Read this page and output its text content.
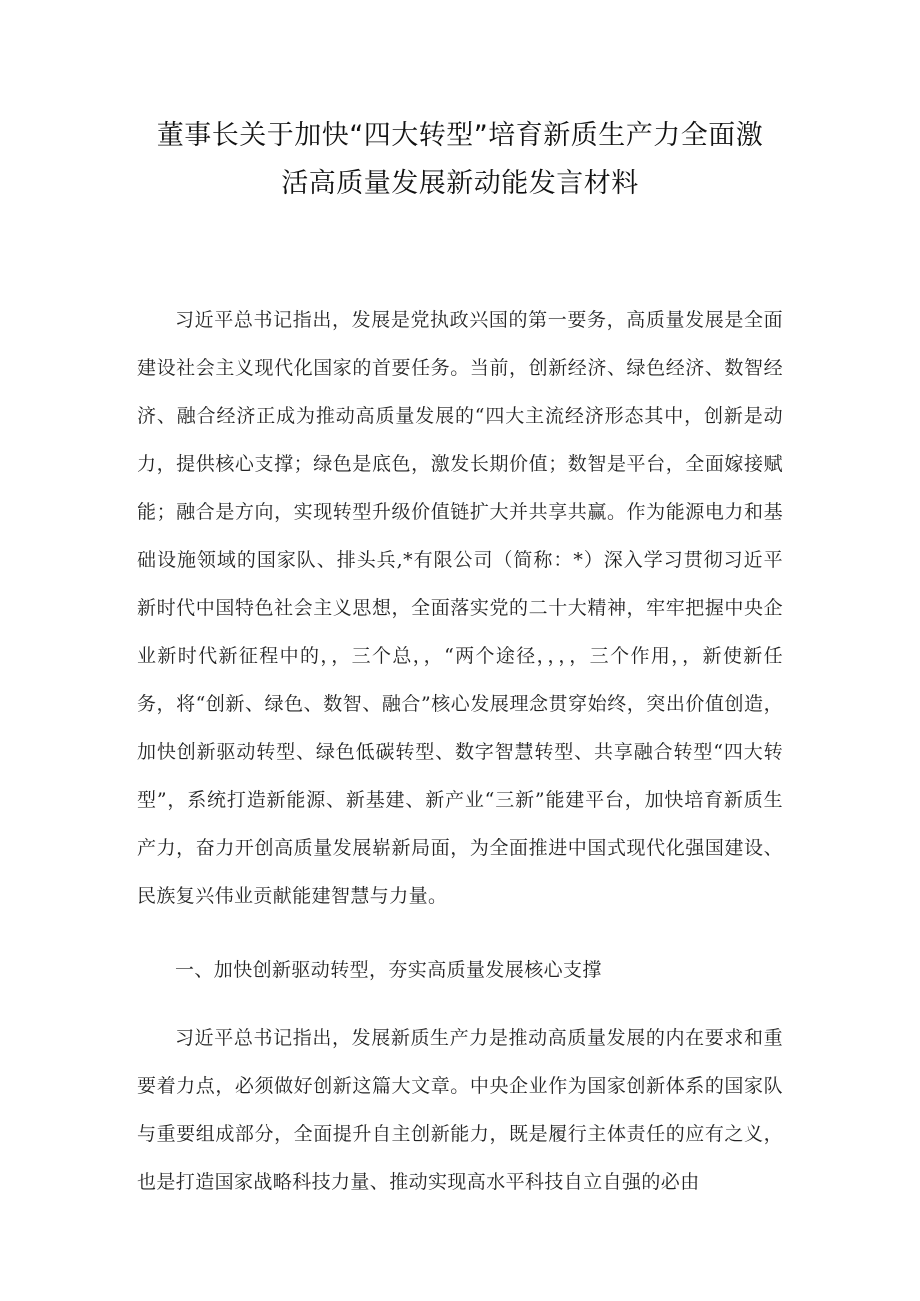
董事长关于加快“四大转型”培育新质生产力全面激
活高质量发展新动能发言材料

习近平总书记指出，发展是党执政兴国的第一要务，高质量发展是全面建设社会主义现代化国家的首要任务。当前，创新经济、绿色经济、数智经济、融合经济正成为推动高质量发展的“四大主流经济形态其中，创新是动力，提供核心支撑；绿色是底色，激发长期价值；数智是平台，全面嫁接赋能；融合是方向，实现转型升级价值链扩大并共享共赢。作为能源电力和基础设施领域的国家队、排头兵,*有限公司（简称：*）深入学习贯彻习近平新时代中国特色社会主义思想，全面落实党的二十大精神，牢牢把握中央企业新时代新征程中的，，三个总，，“两个途径，，，，三个作用，，新使新任务，将“创新、绿色、数智、融合”核心发展理念贯穿始终，突出价值创造，加快创新驱动转型、绿色低碳转型、数字智慧转型、共享融合转型“四大转型”，系统打造新能源、新基建、新产业“三新”能建平台，加快培育新质生产力，奋力开创高质量发展崭新局面，为全面推进中国式现代化强国建设、民族复兴伟业贡献能建智慧与力量。

一、加快创新驱动转型，夯实高质量发展核心支撑

习近平总书记指出，发展新质生产力是推动高质量发展的内在要求和重要着力点，必须做好创新这篇大文章。中央企业作为国家创新体系的国家队与重要组成部分，全面提升自主创新能力，既是履行主体责任的应有之义，也是打造国家战略科技力量、推动实现高水平科技自立自强的必由
